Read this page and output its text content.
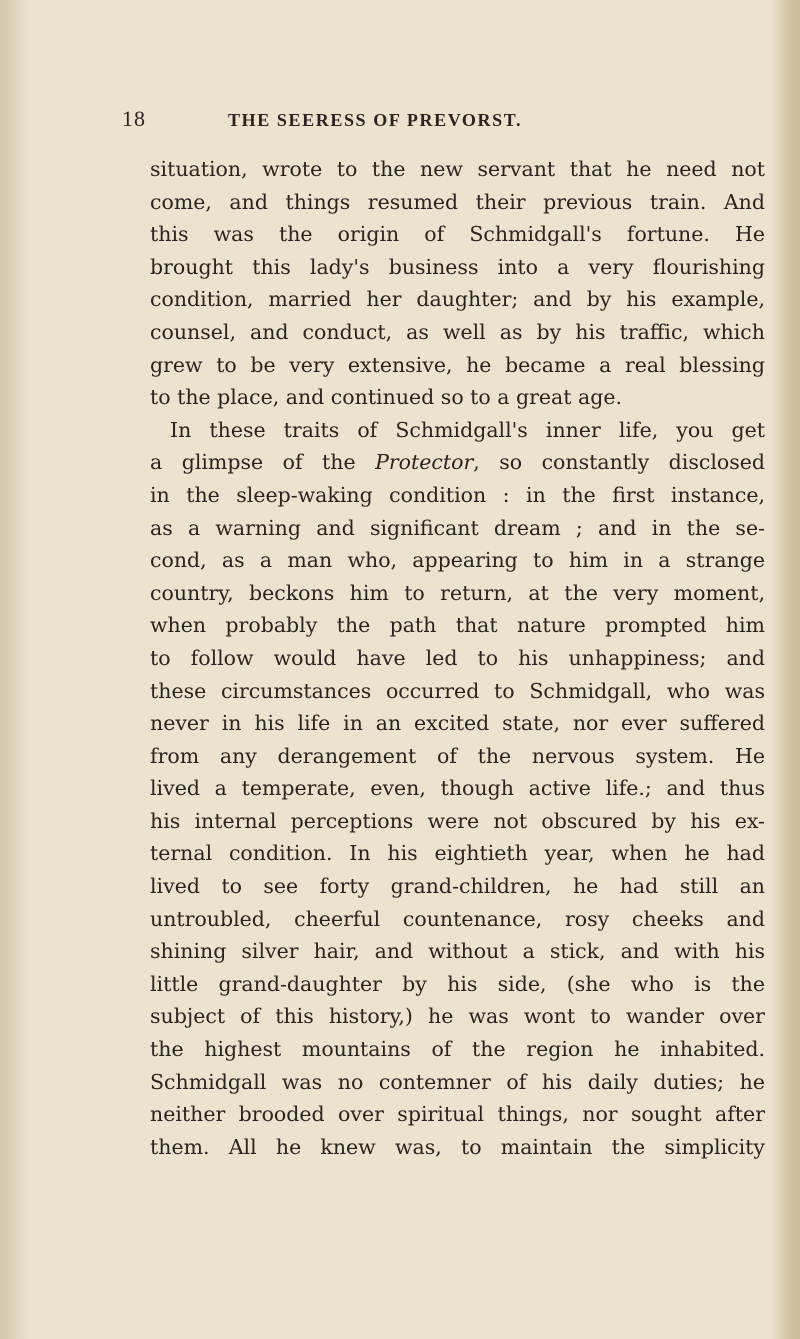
18	THE SEERESS OF PREVORST.
situation, wrote to the new servant that he need not
come, and things resumed their previous train. And
this was the origin of Schmidgall's fortune. He
brought this lady's business into a very flourishing
condition, married her daughter; and by his example,
counsel, and conduct, as well as by his traffic, which
grew to be very extensive, he became a real blessing
to the place, and continued so to a great age.
In these traits of Schmidgall's inner life, you get
a glimpse of the Protector, so constantly disclosed
in the sleep-waking condition : in the first instance,
as a warning and significant dream ; and in the se-
cond, as a man who, appearing to him in a strange
country, beckons him to return, at the very moment,
when probably the path that nature prompted him
to follow would have led to his unhappiness; and
these circumstances occurred to Schmidgall, who was
never in his life in an excited state, nor ever suffered
from any derangement of the nervous system. He
lived a temperate, even, though active life.; and thus
his internal perceptions were not obscured by his ex-
ternal condition. In his eightieth year, when he had
lived to see forty grand-children, he had still an
untroubled, cheerful countenance, rosy cheeks and
shining silver hair, and without a stick, and with his
little grand-daughter by his side, (she who is the
subject of this history,) he was wont to wander over
the highest mountains of the region he inhabited.
Schmidgall was no contemner of his daily duties; he
neither brooded over spiritual things, nor sought after
them. All he knew was, to maintain the simplicity
